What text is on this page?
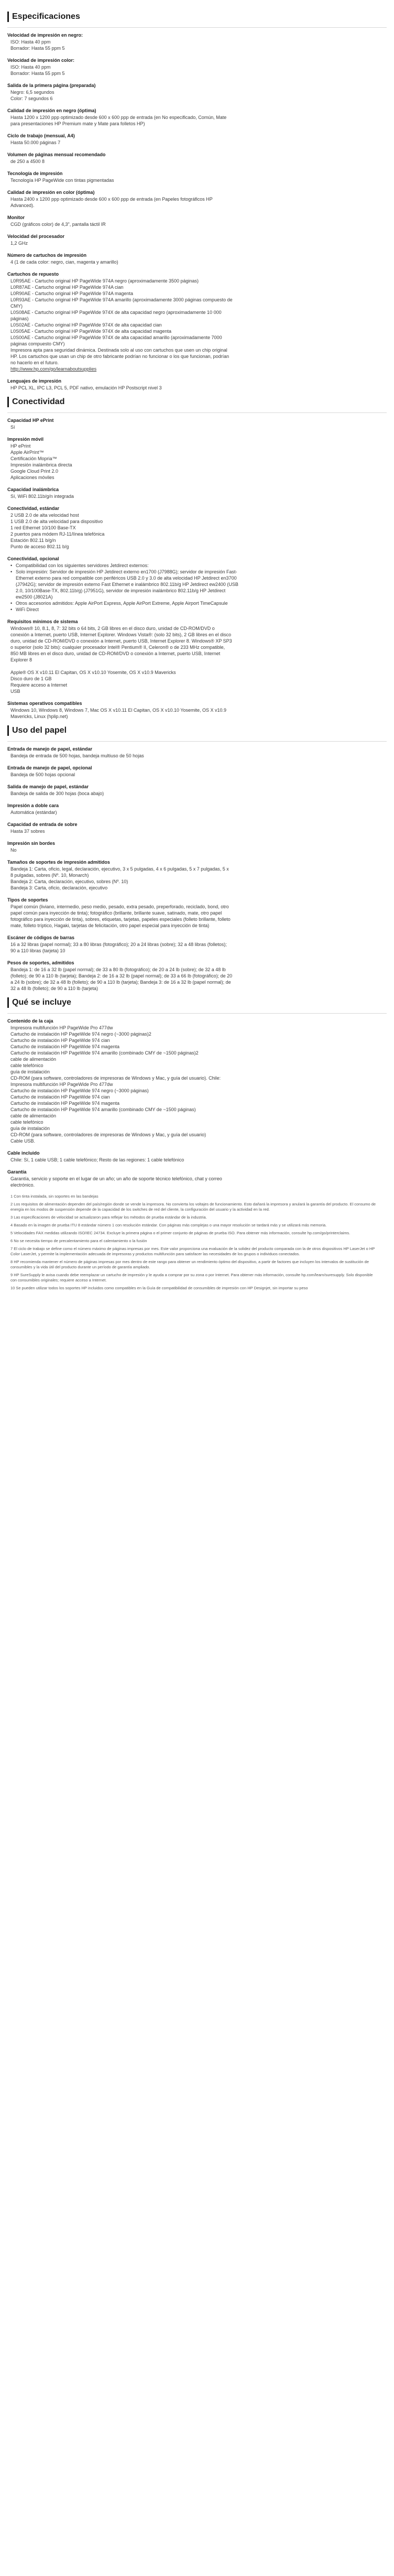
Especificaciones
Velocidad de impresión en negro:
ISO: Hasta 40 ppm
Borrador: Hasta 55 ppm 5
Velocidad de impresión color:
ISO: Hasta 40 ppm
Borrador: Hasta 55 ppm 5
Salida de la primera página (preparada)
Negro: 6,5 segundos
Color: 7 segundos 6
Calidad de impresión en negro (óptima)
Hasta 1200 x 1200 ppp optimizado desde 600 x 600 ppp de entrada (en No especificado, Común, Mate para presentaciones HP Premium mate y Mate para folletos HP)
Ciclo de trabajo (mensual, A4)
Hasta 50.000 páginas 7
Volumen de páginas mensual recomendado
de 250 a 4500 8
Tecnología de impresión
Tecnología HP PageWide con tintas pigmentadas
Calidad de impresión en color (óptima)
Hasta 2400 x 1200 ppp optimizado desde 600 x 600 ppp de entrada (en Papeles fotográficos HP Advanced).
Monitor
CGD (gráficos color) de 4,3", pantalla táctil IR
Velocidad del procesador
1,2 GHz
Número de cartuchos de impresión
4 (1 de cada color: negro, cian, magenta y amarillo)
Cartuchos de repuesto
L0R95AE - Cartucho original HP PageWide 974A negro (aproximadamente 3500 páginas)
L0R87AE - Cartucho original HP PageWide 974A cian
L0R90AE - Cartucho original HP PageWide 974A magenta
L0R93AE - Cartucho original HP PageWide 974A amarillo (aproximadamente 3000 páginas compuesto de CMY)
L0S08AE - Cartucho original HP PageWide 974X de alta capacidad negro (aproximadamente 10 000 páginas)
L0S02AE - Cartucho original HP PageWide 974X de alta capacidad cian
L0S05AE - Cartucho original HP PageWide 974X de alta capacidad magenta
L0S00AE - Cartucho original HP PageWide 974X de alta capacidad amarillo (aproximadamente 7000 páginas compuesto CMY)
Impresora apta para seguridad dinámica. Destinada solo al uso con cartuchos que usen un chip original HP. Los cartuchos que usan un chip de otro fabricante podrían no funcionar o los que funcionan, podrían no hacerlo en el futuro.
http://www.hp.com/go/learnaboutsupplies
Lenguajes de impresión
HP PCL XL, IPC L3, PCL 5, PDF nativo, emulación HP Postscript nivel 3
Conectividad
Capacidad HP ePrint
Sí
Impresión móvil
HP ePrint
Apple AirPrint™
Certificación Mopria™
Impresión inalámbrica directa
Google Cloud Print 2.0
Aplicaciones móviles
Capacidad inalámbrica
Sí, WiFi 802.11b/g/n integrada
Conectividad, estándar
2 USB 2.0 de alta velocidad host
1 USB 2.0 de alta velocidad para dispositivo
1 red Ethernet 10/100 Base-TX
2 puertos para módem RJ-11/línea telefónica
Estación 802.11 b/g/n
Punto de acceso 802.11 b/g
Conectividad, opcional
• Compatibilidad con los siguientes servidores Jetdirect externos:
• Solo impresión: Servidor de impresión HP Jetdirect externo en1700 (J7988G); servidor de impresión Fast-Ethernet externo para red compatible con periféricos USB 2.0 y 3.0 de alta velocidad HP Jetdirect en3700 (J7942G); servidor de impresión externo Fast Ethernet e inalámbrico 802.11b/g HP Jetdirect ew2400 (USB 2.0, 10/100Base-TX, 802.11b/g) (J7951G), servidor de impresión inalámbrico 802.11b/g HP Jetdirect ew2500 (J8021A)
• Otros accesorios admitidos: Apple AirPort Express, Apple AirPort Extreme, Apple Airport TimeCapsule
• WiFi Direct
Requisitos mínimos de sistema
Windows® 10, 8.1, 8, 7: 32 bits o 64 bits, 2 GB libres en el disco duro, unidad de CD-ROM/DVD o conexión a Internet, puerto USB, Internet Explorer. Windows Vista®: (solo 32 bits), 2 GB libres en el disco duro, unidad de CD-ROM/DVD o conexión a Internet, puerto USB, Internet Explorer 8. Windows® XP SP3 o superior (solo 32 bits): cualquier procesador Intel® Pentium® II, Celeron® o de 233 MHz compatible, 850 MB libres en el disco duro, unidad de CD-ROM/DVD o conexión a Internet, puerto USB, Internet Explorer 8

Apple® OS X v10.11 El Capitan, OS X v10.10 Yosemite, OS X v10.9 Mavericks
Disco duro de 1 GB
Requiere acceso a Internet
USB
Sistemas operativos compatibles
Windows 10, Windows 8, Windows 7, Mac OS X v10.11 El Capitan, OS X v10.10 Yosemite, OS X v10.9 Mavericks, Linux (hplip.net)
Uso del papel
Entrada de manejo de papel, estándar
Bandeja de entrada de 500 hojas, bandeja multiuso de 50 hojas
Entrada de manejo de papel, opcional
Bandeja de 500 hojas opcional
Salida de manejo de papel, estándar
Bandeja de salida de 300 hojas (boca abajo)
Impresión a doble cara
Automática (estándar)
Capacidad de entrada de sobre
Hasta 37 sobres
Impresión sin bordes
No
Tamaños de soportes de impresión admitidos
Bandeja 1: Carta, oficio, legal, declaración, ejecutivo, 3 x 5 pulgadas, 4 x 6 pulgadas, 5 x 7 pulgadas, 5 x 8 pulgadas, sobres (Nº. 10, Monarch)
Bandeja 2: Carta, declaración, ejecutivo, sobres (Nº. 10)
Bandeja 3: Carta, oficio, declaración, ejecutivo
Tipos de soportes
Papel común (liviano, intermedio, peso medio, pesado, extra pesado, preperforado, reciclado, bond, otro papel común para inyección de tinta); fotográfico (brillante, brillante suave, satinado, mate, otro papel fotográfico para inyección de tinta), sobres, etiquetas, tarjetas, papeles especiales (folleto brillante, folleto mate, folleto tríptico, Hagaki, tarjetas de felicitación, otro papel especial para inyección de tinta)
Escáner de códigos de barras
16 a 32 libras (papel normal); 33 a 80 libras (fotográfico); 20 a 24 libras (sobre); 32 a 48 libras (folletos); 90 a 110 libras (tarjeta) 10
Pesos de soportes, admitidos
Bandeja 1: de 16 a 32 lb (papel normal); de 33 a 80 lb (fotográfico); de 20 a 24 lb (sobre); de 32 a 48 lb (folleto); de 90 a 110 lb (tarjeta); Bandeja 2: de 16 a 32 lb (papel normal); de 33 a 66 lb (fotográfico); de 20 a 24 lb (sobre); de 32 a 48 lb (folleto); de 90 a 110 lb (tarjeta); Bandeja 3: de 16 a 32 lb (papel normal); de 32 a 48 lb (folleto); de 90 a 110 lb (tarjeta)
Qué se incluye
Contenido de la caja
Impresora multifunción HP PageWide Pro 477dw
Cartucho de instalación HP PageWide 974 negro (~3000 páginas)2
Cartucho de instalación HP PageWide 974 cian
Cartucho de instalación HP PageWide 974 magenta
Cartucho de instalación HP PageWide 974 amarillo (combinado CMY de ~1500 páginas)2
cable de alimentación
cable telefónico
guía de instalación
CD-ROM (para software, controladores de impresoras de Windows y Mac, y guía del usuario). Chile: Impresora multifunción HP PageWide Pro 477dw
Cartucho de instalación HP PageWide 974 negro (~3000 páginas)
Cartucho de instalación HP PageWide 974 cian
Cartucho de instalación HP PageWide 974 magenta
Cartucho de instalación HP PageWide 974 amarillo (combinado CMY de ~1500 páginas)
cable de alimentación
cable telefónico
guía de instalación
CD-ROM (para software, controladores de impresoras de Windows y Mac, y guía del usuario)
Cable USB.
Cable incluido
Chile: Sí, 1 cable USB; 1 cable telefónico; Resto de las regiones: 1 cable telefónico
Garantía
Garantía, servicio y soporte en el lugar de un año; un año de soporte técnico telefónico, chat y correo electrónico.
1 Con tinta instalada, sin soportes en las bandejas
2 Los requisitos de alimentación dependen del país/región donde se vende la impresora. No convierta los voltajes de funcionamiento. Esto dañará la impresora y anulará la garantía del producto. El consumo de energía en los modos de suspensión depende de la capacidad de los switches de red del cliente, la configuración del usuario y la actividad en la red.
3 Las especificaciones de velocidad se actualizaron para reflejar los métodos de prueba estándar de la industria.
4 Basado en la imagen de prueba ITU 8 estándar número 1 con resolución estándar. Con páginas más complejas o una mayor resolución se tardará más y se utilizará más memoria.
5 Velocidades FAX medidas utilizando ISO/IEC 24734. Excluye la primera página o el primer conjunto de páginas de prueba ISO. Para obtener más información, consulte hp.com/go/printerclaims.
6 No se necesita tiempo de precalentamiento para el calentamiento o la fusión
7 El ciclo de trabajo se define como el número máximo de páginas impresas por mes. Este valor proporciona una evaluación de la solidez del producto comparada con la de otros dispositivos HP LaserJet o HP Color LaserJet, y permite la implementación adecuada de impresoras y productos multifunción para satisfacer las necesidades de los grupos o individuos conectados.
8 HP recomienda mantener el número de páginas impresas por mes dentro de este rango para obtener un rendimiento óptimo del dispositivo, a partir de factores que incluyen los intervalos de sustitución de consumibles y la vida útil del producto durante un período de garantía ampliado.
9 HP SureSupply le avisa cuando debe reemplazar un cartucho de impresión y le ayuda a comprar por su zona o por Internet. Para obtener más información, consulte hp.com/learn/suresupply. Solo disponible con consumibles originales; requiere acceso a Internet.
10 Se pueden utilizar todos los soportes HP incluidos como compatibles en la Guía de compatibilidad de consumibles de impresión con HP Designjet, sin importar su peso
